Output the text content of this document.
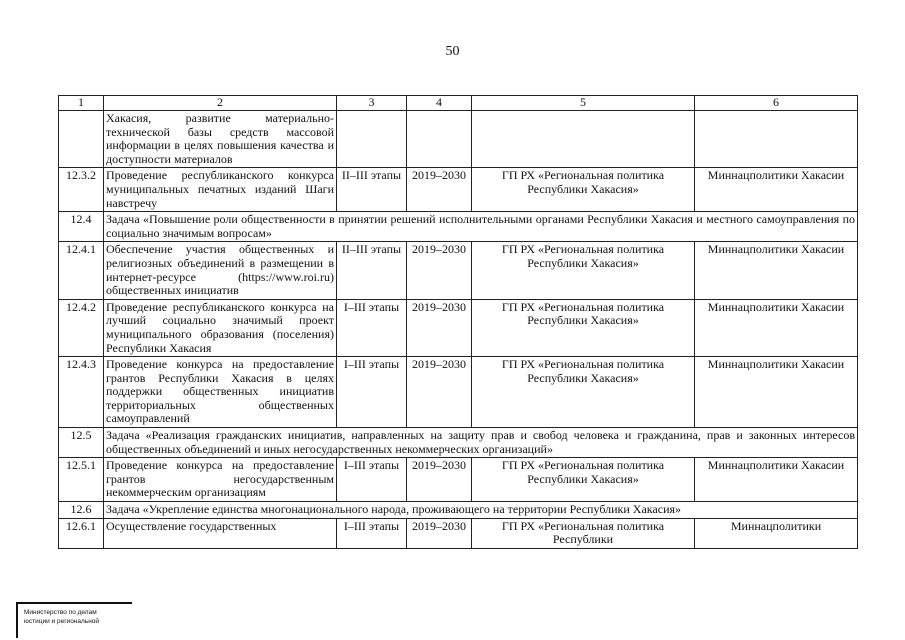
50
1	2	3	4	5	6
	Хакасия, развитие материально-технической базы средств массовой информации в целях повышения качества и доступности материалов				
12.3.2	Проведение республиканского конкурса муниципальных печатных изданий Шаги навстречу	II–III этапы	2019–2030	ГП РХ «Региональная политика Республики Хакасия»	Миннацполитики Хакасии
12.4	Задача «Повышение роли общественности в принятии решений исполнительными органами Республики Хакасия и местного самоуправления по социально значимым вопросам»				
12.4.1	Обеспечение участия общественных и религиозных объединений в размещении в интернет-ресурсе (https://www.roi.ru) общественных инициатив	II–III этапы	2019–2030	ГП РХ «Региональная политика Республики Хакасия»	Миннацполитики Хакасии
12.4.2	Проведение республиканского конкурса на лучший социально значимый проект муниципального образования (поселения) Республики Хакасия	I–III этапы	2019–2030	ГП РХ «Региональная политика Республики Хакасия»	Миннацполитики Хакасии
12.4.3	Проведение конкурса на предоставление грантов Республики Хакасия в целях поддержки общественных инициатив территориальных общественных самоуправлений	I–III этапы	2019–2030	ГП РХ «Региональная политика Республики Хакасия»	Миннацполитики Хакасии
12.5	Задача «Реализация гражданских инициатив, направленных на защиту прав и свобод человека и гражданина, прав и законных интересов общественных объединений и иных негосударственных некоммерческих организаций»				
12.5.1	Проведение конкурса на предоставление грантов негосударственным некоммерческим организациям	I–III этапы	2019–2030	ГП РХ «Региональная политика Республики Хакасия»	Миннацполитики Хакасии
12.6	Задача «Укрепление единства многонационального народа, проживающего на территории Республики Хакасия»				
12.6.1	Осуществление государственных	I–III этапы	2019–2030	ГП РХ «Региональная политика Республики	Миннацполитики
Министерство по делам
юстиции и региональной
